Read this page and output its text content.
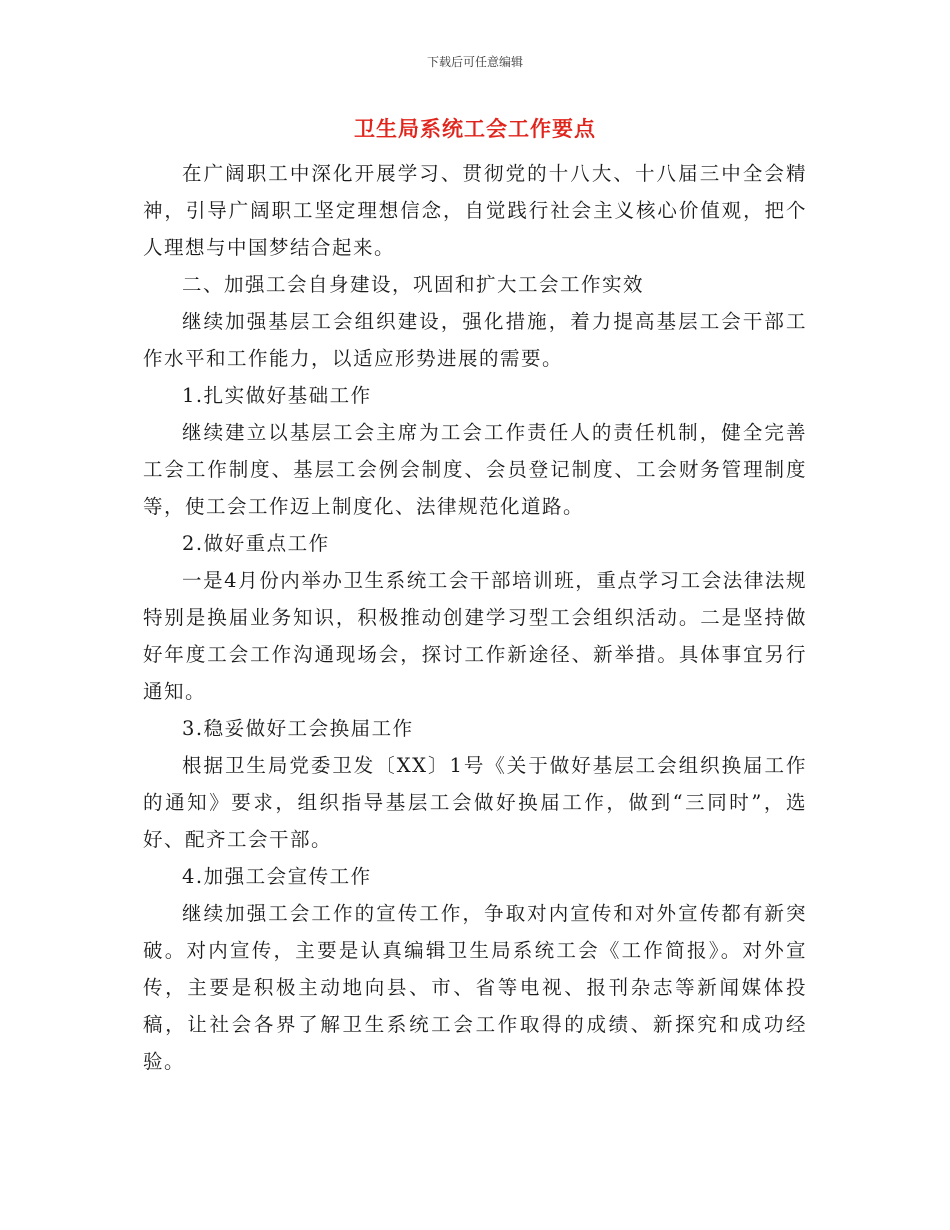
下载后可任意编辑
卫生局系统工会工作要点

在广阔职工中深化开展学习、贯彻党的十八大、十八届三中全会精神，引导广阔职工坚定理想信念，自觉践行社会主义核心价值观，把个人理想与中国梦结合起来。

二、加强工会自身建设，巩固和扩大工会工作实效

继续加强基层工会组织建设，强化措施，着力提高基层工会干部工作水平和工作能力，以适应形势进展的需要。

1.扎实做好基础工作

继续建立以基层工会主席为工会工作责任人的责任机制，健全完善工会工作制度、基层工会例会制度、会员登记制度、工会财务管理制度等，使工会工作迈上制度化、法律规范化道路。

2.做好重点工作

一是4月份内举办卫生系统工会干部培训班，重点学习工会法律法规特别是换届业务知识，积极推动创建学习型工会组织活动。二是坚持做好年度工会工作沟通现场会，探讨工作新途径、新举措。具体事宜另行通知。

3.稳妥做好工会换届工作

根据卫生局党委卫发〔XX〕1号《关于做好基层工会组织换届工作的通知》要求，组织指导基层工会做好换届工作，做到“三同时”，选好、配齐工会干部。

4.加强工会宣传工作

继续加强工会工作的宣传工作，争取对内宣传和对外宣传都有新突破。对内宣传，主要是认真编辑卫生局系统工会《工作简报》。对外宣传，主要是积极主动地向县、市、省等电视、报刊杂志等新闻媒体投稿，让社会各界了解卫生系统工会工作取得的成绩、新探究和成功经验。
